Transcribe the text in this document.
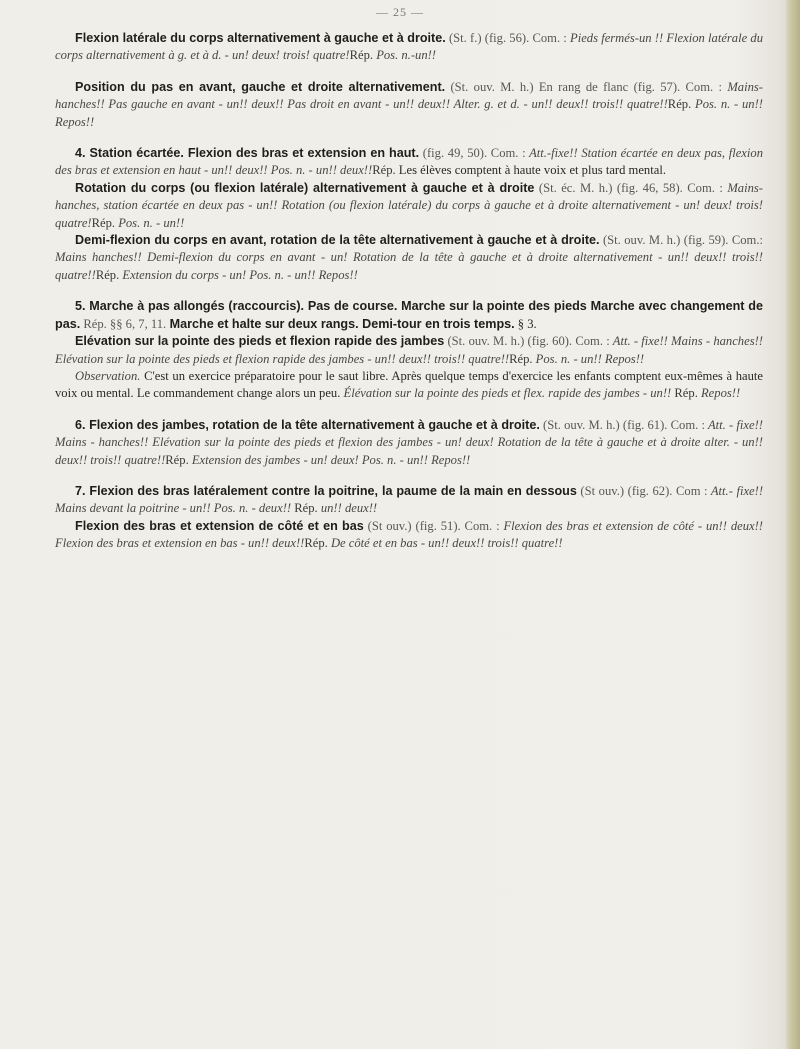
— 25 —

Flexion latérale du corps alternativement à gauche et à droite. (St. f.) (fig. 56). Com. : Pieds fermés-un !! Flexion latérale du corps alternativement à g. et à d. - un! deux! trois! quatre!Rép. Pos. n.-un!!

Position du pas en avant, gauche et droite alternativement. (St. ouv. M. h.) En rang de flanc (fig. 57). Com. : Mains-hanches!! Pas gauche en avant - un!! deux!! Pas droit en avant - un!! deux!! Alter. g. et d. - un!! deux!! trois!! quatre!!Rép. Pos. n. - un!! Repos!!

4. Station écartée. Flexion des bras et extension en haut. (fig. 49, 50). Com. : Att.-fixe!! Station écartée en deux pas, flexion des bras et extension en haut - un!! deux!! Pos. n. - un!! deux!!Rép. Les élèves comptent à haute voix et plus tard mental.

Rotation du corps (ou flexion latérale) alternativement à gauche et à droite (St. éc. M. h.) (fig. 46, 58). Com. : Mains-hanches, station écartée en deux pas - un!! Rotation (ou flexion latérale) du corps à gauche et à droite alternativement - un! deux! trois! quatre!Rép. Pos. n. - un!!

Demi-flexion du corps en avant, rotation de la tête alternativement à gauche et à droite. (St. ouv. M. h.) (fig. 59). Com.: Mains hanches!! Demi-flexion du corps en avant - un! Rotation de la tête à gauche et à droite alternativement - un!! deux!! trois!! quatre!!Rép. Extension du corps - un! Pos. n. - un!! Repos!!

5. Marche à pas allongés (raccourcis). Pas de course. Marche sur la pointe des pieds Marche avec changement de pas. Rép. §§ 6, 7, 11. Marche et halte sur deux rangs. Demi-tour en trois temps. § 3.

Elévation sur la pointe des pieds et flexion rapide des jambes (St. ouv. M. h.) (fig. 60). Com. : Att. - fixe!! Mains - hanches!! Elévation sur la pointe des pieds et flexion rapide des jambes - un!! deux!! trois!! quatre!!Rép. Pos. n. - un!! Repos!!

Observation. C'est un exercice préparatoire pour le saut libre. Après quelque temps d'exercice les enfants comptent eux-mêmes à haute voix ou mental. Le commandement change alors un peu. Élévation sur la pointe des pieds et flex. rapide des jambes - un!! Rép. Repos!!

6. Flexion des jambes, rotation de la tête alternativement à gauche et à droite. (St. ouv. M. h.) (fig. 61). Com. : Att. - fixe!! Mains - hanches!! Elévation sur la pointe des pieds et flexion des jambes - un! deux! Rotation de la tête à gauche et à droite alter. - un!! deux!! trois!! quatre!!Rép. Extension des jambes - un! deux! Pos. n. - un!! Repos!!

7. Flexion des bras latéralement contre la poitrine, la paume de la main en dessous (St ouv.) (fig. 62). Com : Att.- fixe!! Mains devant la poitrine - un!! Pos. n. - deux!! Rép. un!! deux!!

Flexion des bras et extension de côté et en bas (St ouv.) (fig. 51). Com. : Flexion des bras et extension de côté - un!! deux!! Flexion des bras et extension en bas - un!! deux!!Rép. De côté et en bas - un!! deux!! trois!! quatre!!
